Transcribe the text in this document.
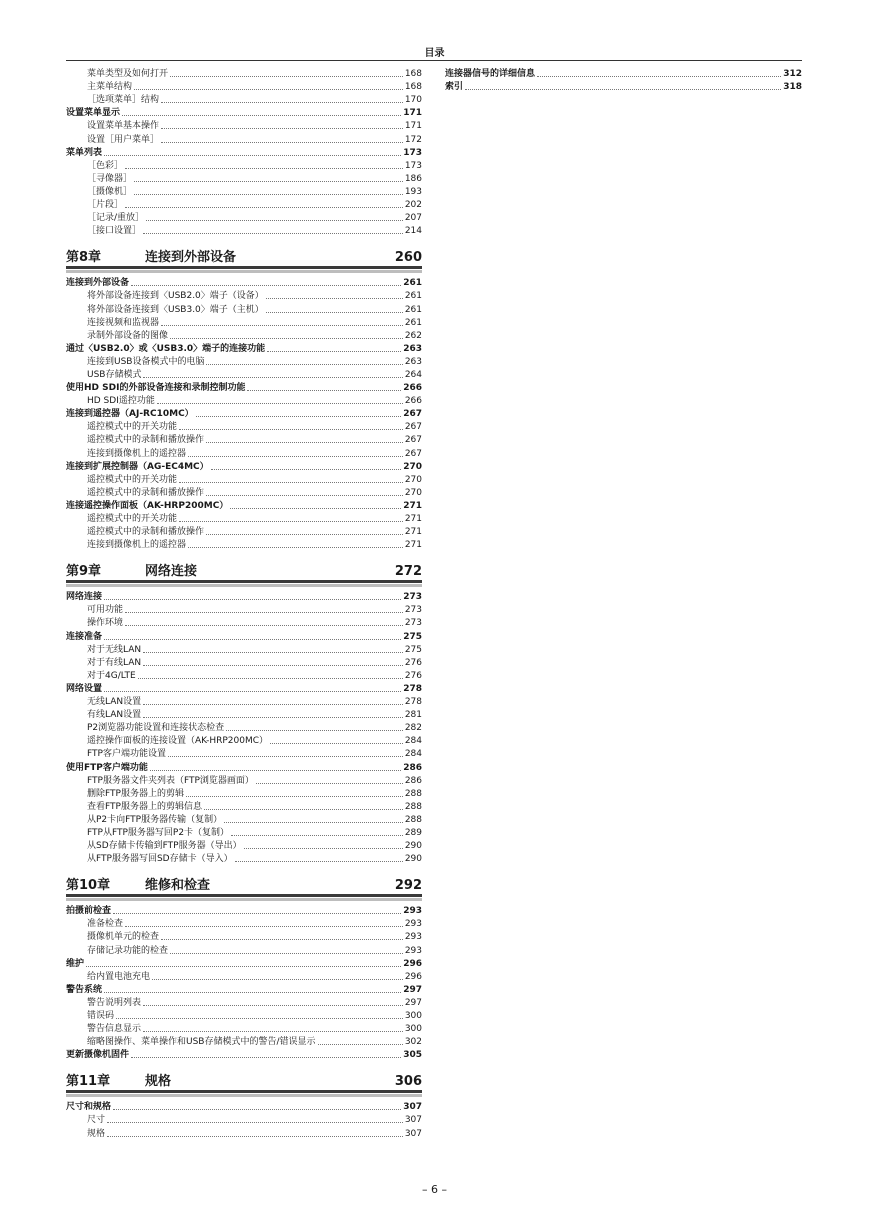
目录
菜单类型及如何打开	168
主菜单结构	168
［选项菜单］结构	170
设置菜单显示	171
设置菜单基本操作	171
设置［用户菜单］	172
菜单列表	173
［色彩］	173
［寻像器］	186
［摄像机］	193
［片段］	202
［记录/重放］	207
［接口设置］	214
第8章	连接到外部设备	260
连接到外部设备	261
将外部设备连接到〈USB2.0〉端子（设备）	261
将外部设备连接到〈USB3.0〉端子（主机）	261
连接视频和监视器	261
录制外部设备的图像	262
通过〈USB2.0〉或〈USB3.0〉端子的连接功能	263
连接到USB设备模式中的电脑	263
USB存储模式	264
使用HD SDI的外部设备连接和录制控制功能	266
HD SDI遥控功能	266
连接到遥控器（AJ-RC10MC）	267
遥控模式中的开关功能	267
遥控模式中的录制和播放操作	267
连接到摄像机上的遥控器	267
连接到扩展控制器（AG-EC4MC）	270
遥控模式中的开关功能	270
遥控模式中的录制和播放操作	270
连接遥控操作面板（AK-HRP200MC）	271
遥控模式中的开关功能	271
遥控模式中的录制和播放操作	271
连接到摄像机上的遥控器	271
第9章	网络连接	272
网络连接	273
可用功能	273
操作环境	273
连接准备	275
对于无线LAN	275
对于有线LAN	276
对于4G/LTE	276
网络设置	278
无线LAN设置	278
有线LAN设置	281
P2浏览器功能设置和连接状态检查	282
遥控操作面板的连接设置（AK-HRP200MC）	284
FTP客户端功能设置	284
使用FTP客户端功能	286
FTP服务器文件夹列表（FTP浏览器画面）	286
删除FTP服务器上的剪辑	288
查看FTP服务器上的剪辑信息	288
从P2卡向FTP服务器传输（复制）	288
FTP从FTP服务器写回P2卡（复制）	289
从SD存储卡传输到FTP服务器（导出）	290
从FTP服务器写回SD存储卡（导入）	290
第10章	维修和检查	292
拍摄前检查	293
准备检查	293
摄像机单元的检查	293
存储记录功能的检查	293
维护	296
给内置电池充电	296
警告系统	297
警告说明列表	297
错误码	300
警告信息显示	300
缩略图操作、菜单操作和USB存储模式中的警告/错误显示	302
更新摄像机固件	305
第11章	规格	306
尺寸和规格	307
尺寸	307
规格	307
连接器信号的详细信息	312
索引	318
– 6 –
